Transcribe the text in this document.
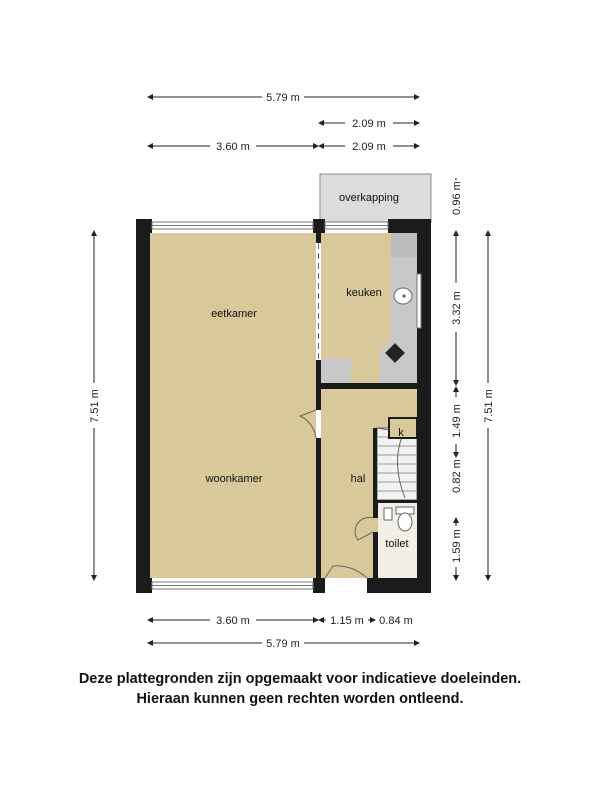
overkapping
keuken
eetkamer
woonkamer	hal
toilet
k
5.79 m
2.09 m
3.60 m	2.09 m
3.60 m	1.15 m 0.84 m
5.79 m
7.51 m
0.96 m
3.32 m
1.49 m
0.82 m
1.59 m
7.51 m
Deze plattegronden zijn opgemaakt voor indicatieve doeleinden.
Hieraan kunnen geen rechten worden ontleend.
